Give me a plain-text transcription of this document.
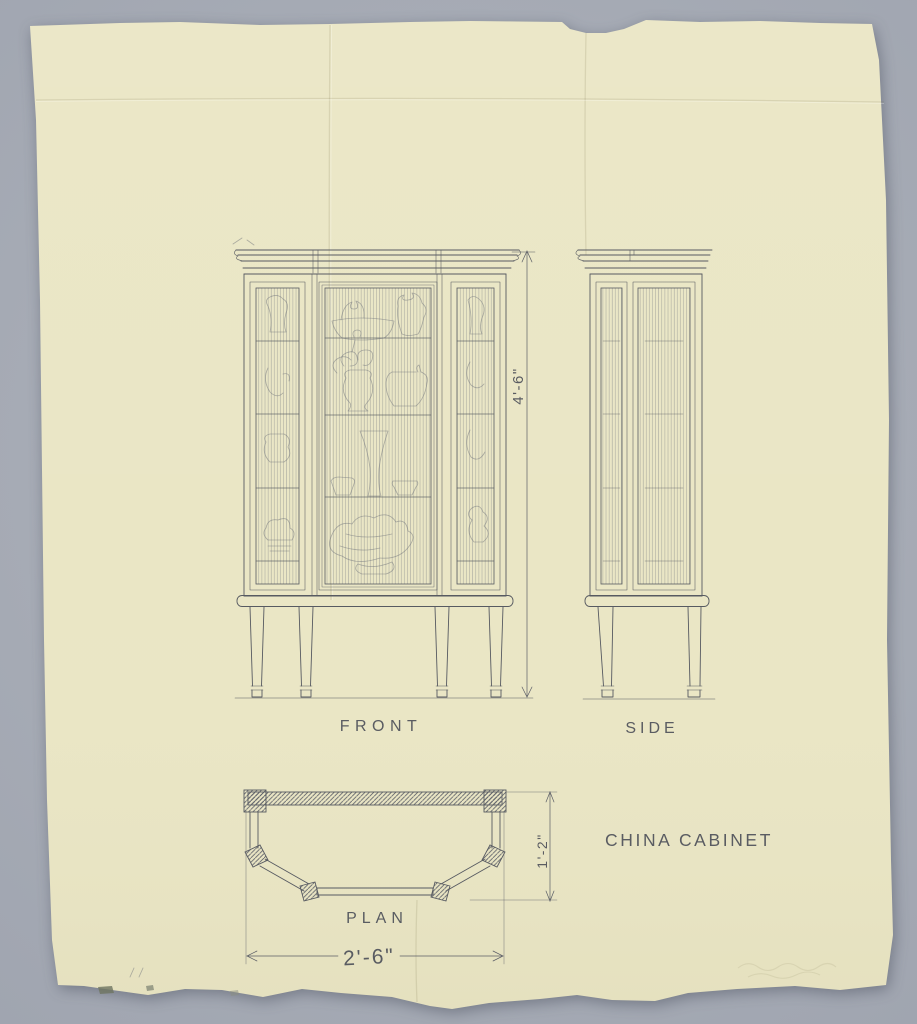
4'-6"
FRONT	SIDE
1'-2"
2'-6"
PLAN
CHINA CABINET
